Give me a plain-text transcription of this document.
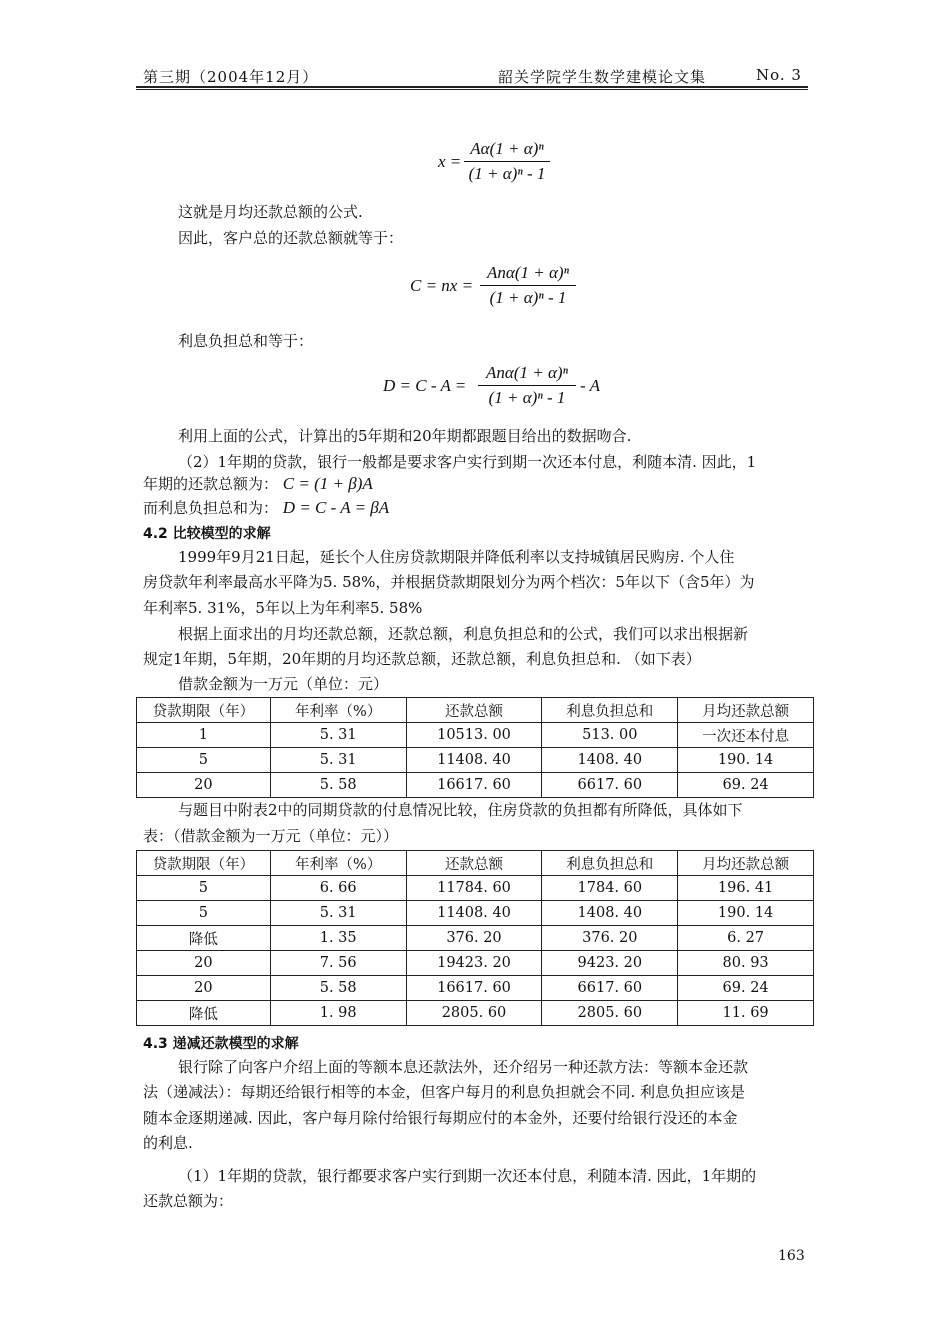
第三期（2004年12月）	韶关学院学生数学建模论文集	No. 3
x =
Aα(1 + α)ⁿ
(1 + α)ⁿ - 1
这就是月均还款总额的公式.
因此，客户总的还款总额就等于：
C = nx =
Anα(1 + α)ⁿ
(1 + α)ⁿ - 1
利息负担总和等于：
D = C - A =
Anα(1 + α)ⁿ
(1 + α)ⁿ - 1
- A
利用上面的公式，计算出的5年期和20年期都跟题目给出的数据吻合.
（2）1年期的贷款，银行一般都是要求客户实行到期一次还本付息，利随本清. 因此，1
年期的还款总额为： C = (1 + β)A
而利息负担总和为： D = C - A = βA
4.2 比较模型的求解
1999年9月21日起，延长个人住房贷款期限并降低利率以支持城镇居民购房. 个人住
房贷款年利率最高水平降为5. 58%，并根据贷款期限划分为两个档次：5年以下（含5年）为
年利率5. 31%，5年以上为年利率5. 58%
根据上面求出的月均还款总额，还款总额，利息负担总和的公式，我们可以求出根据新
规定1年期，5年期，20年期的月均还款总额，还款总额，利息负担总和. （如下表）
借款金额为一万元（单位：元）
贷款期限（年）	年利率（%）	还款总额	利息负担总和	月均还款总额
1	5. 31	10513. 00	513. 00	一次还本付息
5	5. 31	11408. 40	1408. 40	190. 14
20	5. 58	16617. 60	6617. 60	69. 24
与题目中附表2中的同期贷款的付息情况比较，住房贷款的负担都有所降低，具体如下
表：（借款金额为一万元（单位：元））
贷款期限（年）	年利率（%）	还款总额	利息负担总和	月均还款总额
5	6. 66	11784. 60	1784. 60	196. 41
5	5. 31	11408. 40	1408. 40	190. 14
降低	1. 35	376. 20	376. 20	6. 27
20	7. 56	19423. 20	9423. 20	80. 93
20	5. 58	16617. 60	6617. 60	69. 24
降低	1. 98	2805. 60	2805. 60	11. 69
4.3 递减还款模型的求解
银行除了向客户介绍上面的等额本息还款法外，还介绍另一种还款方法：等额本金还款
法（递减法）：每期还给银行相等的本金，但客户每月的利息负担就会不同. 利息负担应该是
随本金逐期递减. 因此，客户每月除付给银行每期应付的本金外，还要付给银行没还的本金
的利息.
（1）1年期的贷款，银行都要求客户实行到期一次还本付息，利随本清. 因此，1年期的
还款总额为：
163
